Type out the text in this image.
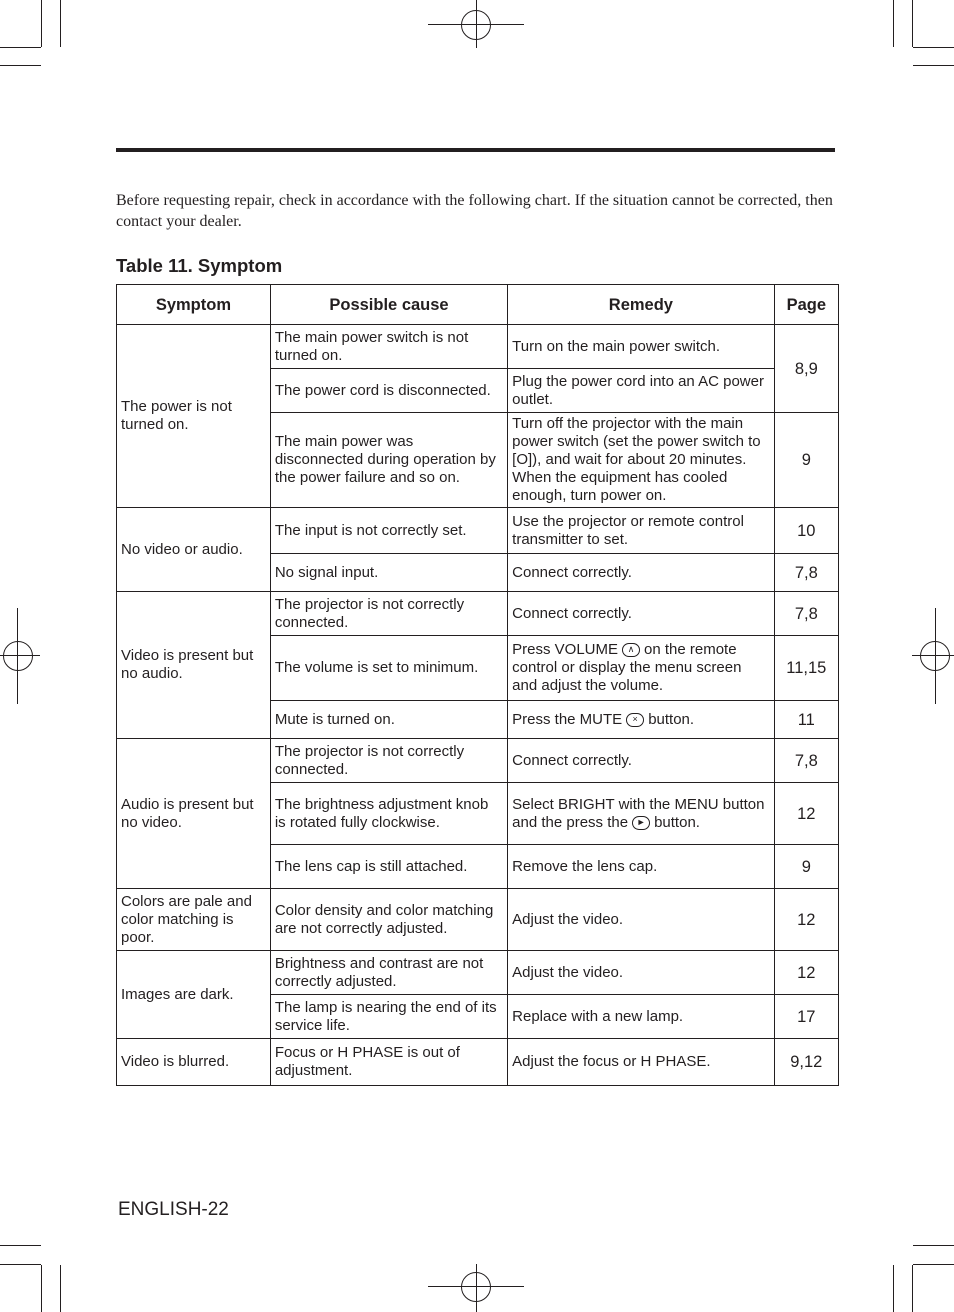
Before requesting repair, check in accordance with the following chart. If the situation cannot be corrected, then contact your dealer.
Table 11. Symptom
Symptom	Possible cause	Remedy	Page
The power is not turned on.	The main power switch is not turned on.	Turn on the main power switch.	8,9
	The power cord is disconnected.	Plug the power cord into an AC power outlet.	
	The main power was disconnected during operation by the power failure and so on.	Turn off the projector with the main power switch (set the power switch to [O]), and wait for about 20 minutes. When the equipment has cooled enough, turn power on.	9
No video or audio.	The input is not correctly set.	Use the projector or remote control transmitter to set.	10
	No signal input.	Connect correctly.	7,8
Video is present but no audio.	The projector is not correctly connected.	Connect correctly.	7,8
	The volume is set to minimum.	Press VOLUME ∧ on the remote control or display the menu screen and adjust the volume.	11,15
	Mute is turned on.	Press the MUTE × button.	11
Audio is present but no video.	The projector is not correctly connected.	Connect correctly.	7,8
	The brightness adjustment knob is rotated fully clockwise.	Select BRIGHT with the MENU button and the press the ► button.	12
	The lens cap is still attached.	Remove the lens cap.	9
Colors are pale and color matching is poor.	Color density and color matching are not correctly adjusted.	Adjust the video.	12
Images are dark.	Brightness and contrast are not correctly adjusted.	Adjust the video.	12
	The lamp is nearing the end of its service life.	Replace with a new lamp.	17
Video is blurred.	Focus or H PHASE is out of adjustment.	Adjust the focus or H PHASE.	9,12
ENGLISH-22
